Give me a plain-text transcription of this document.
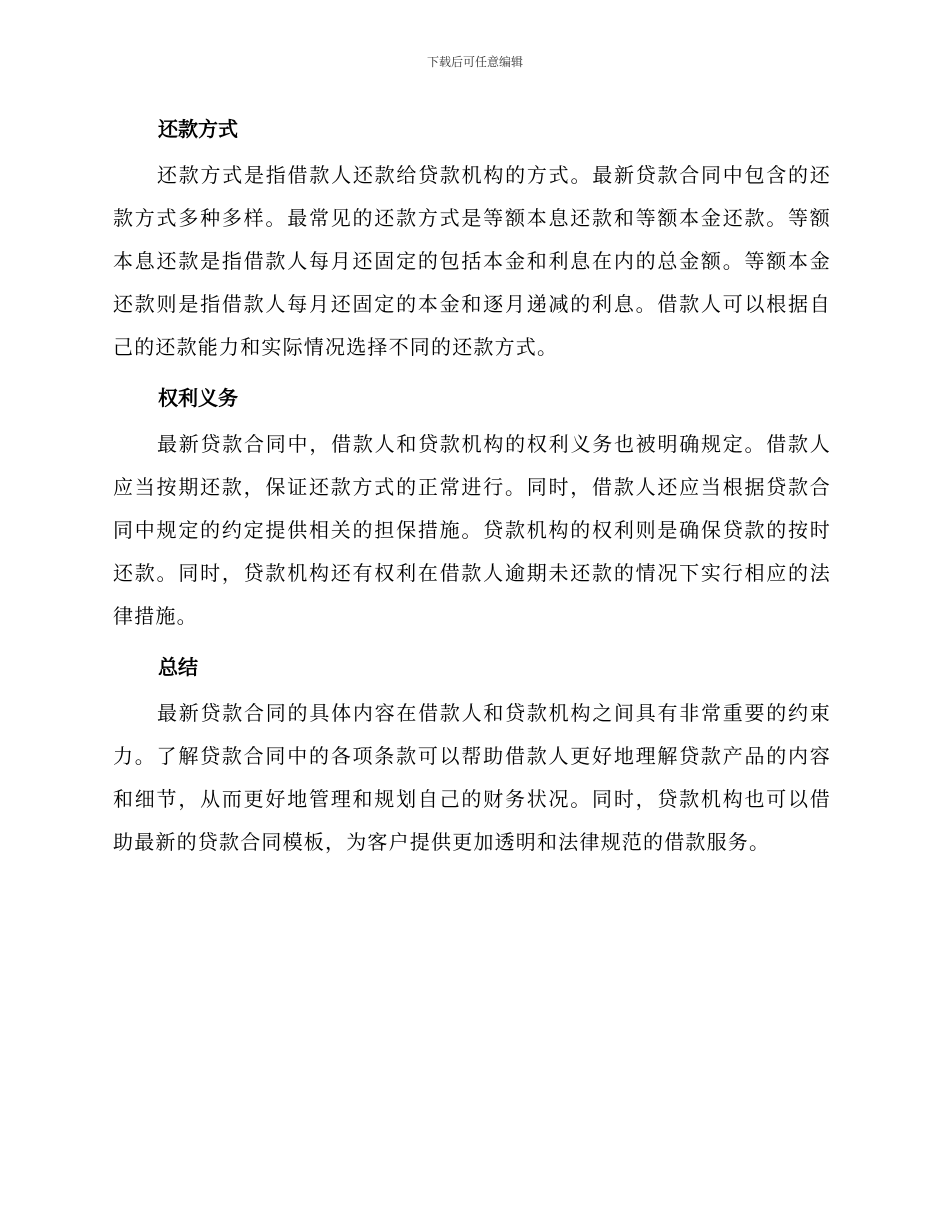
下载后可任意编辑
还款方式

还款方式是指借款人还款给贷款机构的方式。最新贷款合同中包含的还款方式多种多样。最常见的还款方式是等额本息还款和等额本金还款。等额本息还款是指借款人每月还固定的包括本金和利息在内的总金额。等额本金还款则是指借款人每月还固定的本金和逐月递减的利息。借款人可以根据自己的还款能力和实际情况选择不同的还款方式。

权利义务

最新贷款合同中，借款人和贷款机构的权利义务也被明确规定。借款人应当按期还款，保证还款方式的正常进行。同时，借款人还应当根据贷款合同中规定的约定提供相关的担保措施。贷款机构的权利则是确保贷款的按时还款。同时，贷款机构还有权利在借款人逾期未还款的情况下实行相应的法律措施。

总结

最新贷款合同的具体内容在借款人和贷款机构之间具有非常重要的约束力。了解贷款合同中的各项条款可以帮助借款人更好地理解贷款产品的内容和细节，从而更好地管理和规划自己的财务状况。同时，贷款机构也可以借助最新的贷款合同模板，为客户提供更加透明和法律规范的借款服务。
